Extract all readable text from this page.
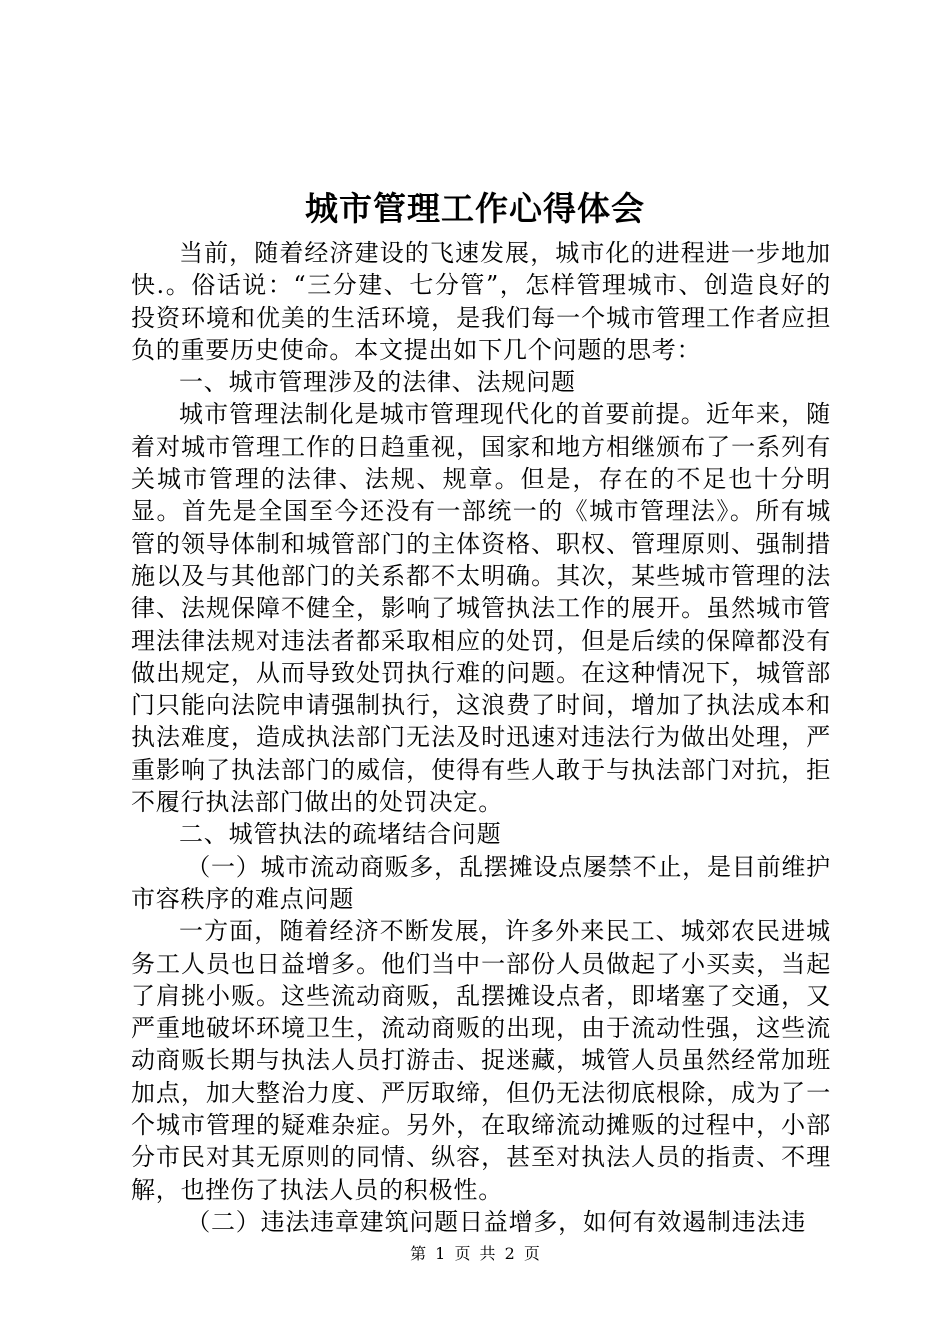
城市管理工作心得体会

当前，随着经济建设的飞速发展，城市化的进程进一步地加快.。俗话说：“三分建、七分管”，怎样管理城市、创造良好的投资环境和优美的生活环境，是我们每一个城市管理工作者应担负的重要历史使命。本文提出如下几个问题的思考：

一、城市管理涉及的法律、法规问题

城市管理法制化是城市管理现代化的首要前提。近年来，随着对城市管理工作的日趋重视，国家和地方相继颁布了一系列有关城市管理的法律、法规、规章。但是，存在的不足也十分明显。首先是全国至今还没有一部统一的《城市管理法》。所有城管的领导体制和城管部门的主体资格、职权、管理原则、强制措施以及与其他部门的关系都不太明确。其次，某些城市管理的法律、法规保障不健全，影响了城管执法工作的展开。虽然城市管理法律法规对违法者都采取相应的处罚，但是后续的保障都没有做出规定，从而导致处罚执行难的问题。在这种情况下，城管部门只能向法院申请强制执行，这浪费了时间，增加了执法成本和执法难度，造成执法部门无法及时迅速对违法行为做出处理，严重影响了执法部门的威信，使得有些人敢于与执法部门对抗，拒不履行执法部门做出的处罚决定。

二、城管执法的疏堵结合问题

（一）城市流动商贩多，乱摆摊设点屡禁不止，是目前维护市容秩序的难点问题

一方面，随着经济不断发展，许多外来民工、城郊农民进城务工人员也日益增多。他们当中一部份人员做起了小买卖，当起了肩挑小贩。这些流动商贩，乱摆摊设点者，即堵塞了交通，又严重地破坏环境卫生，流动商贩的出现，由于流动性强，这些流动商贩长期与执法人员打游击、捉迷藏，城管人员虽然经常加班加点，加大整治力度、严厉取缔，但仍无法彻底根除，成为了一个城市管理的疑难杂症。另外，在取缔流动摊贩的过程中，小部分市民对其无原则的同情、纵容，甚至对执法人员的指责、不理解，也挫伤了执法人员的积极性。

（二）违法违章建筑问题日益增多，如何有效遏制违法违

第 1 页 共 2 页
